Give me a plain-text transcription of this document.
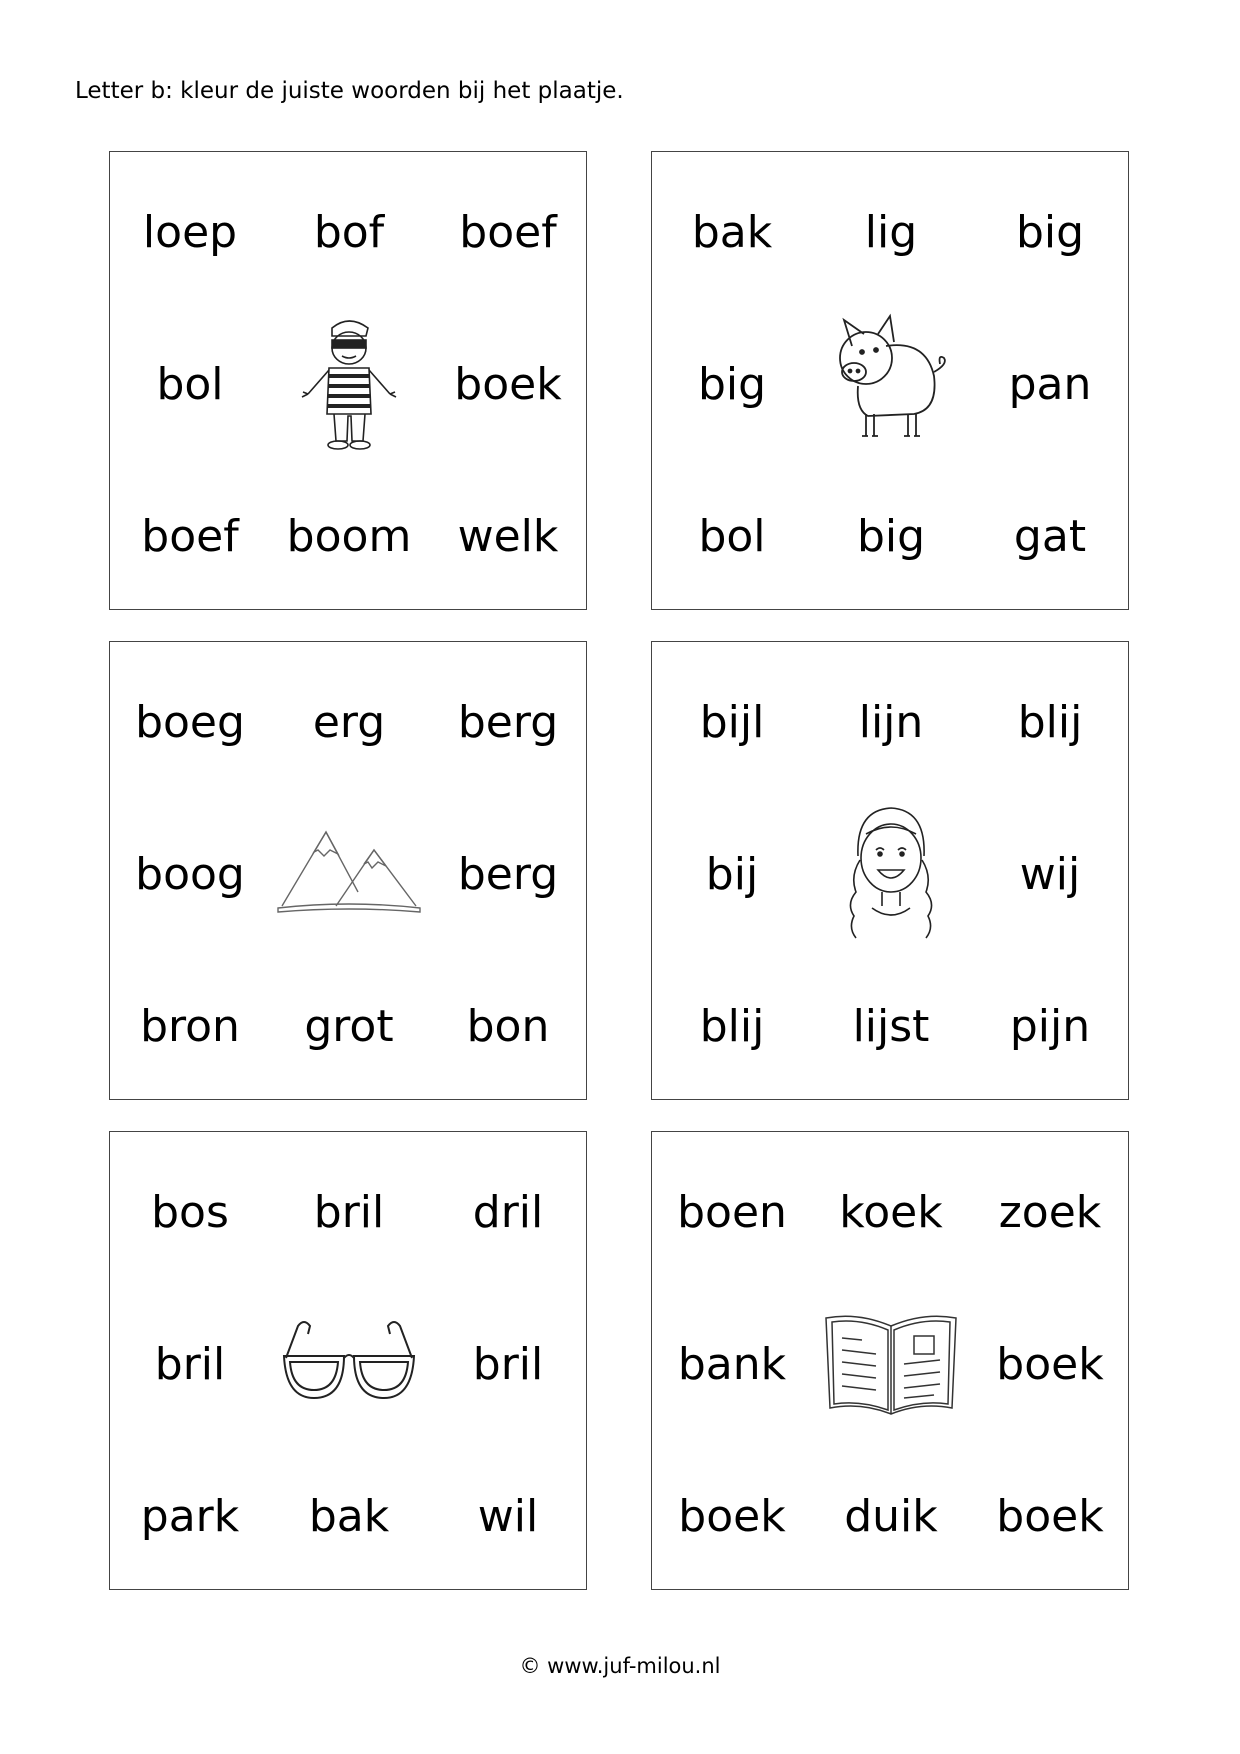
Letter b: kleur de juiste woorden bij het plaatje.
loep	bof	boef
bol	boek
boef	boom	welk
bak	lig	big
big	pan
bol	big	gat
boeg	erg	berg
boog	berg
bron	grot	bon
bijl	lijn	blij
bij	wij
blij	lijst	pijn
bos	bril	dril
bril	bril
park	bak	wil
boen	koek	zoek
bank	boek
boek	duik	boek
© www.juf-milou.nl
